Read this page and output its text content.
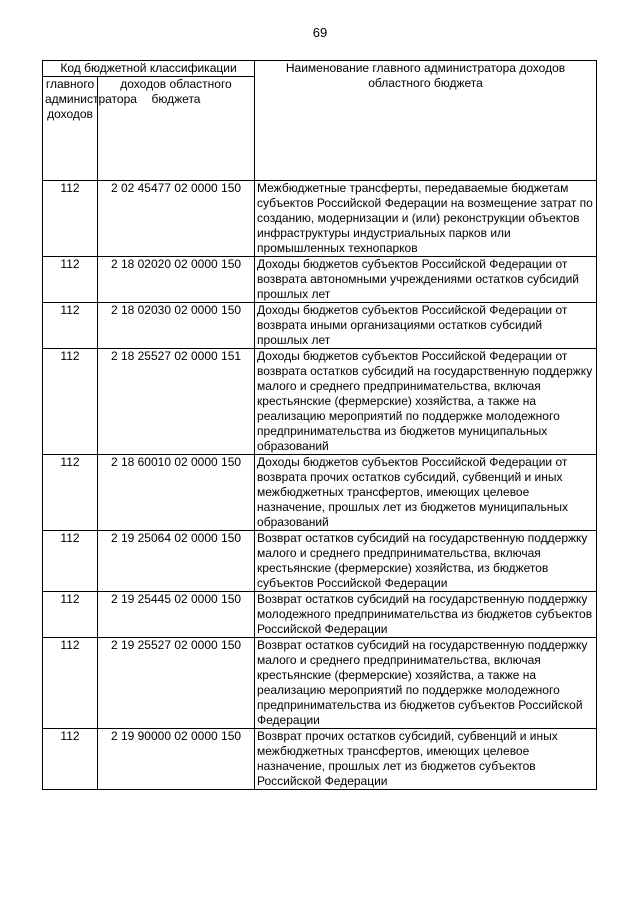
69
Код бюджетной классификации		Наименование главного администратора доходов областного бюджета
главного администратора доходов	доходов областного бюджета	
112	2 02 45477 02 0000 150	Межбюджетные трансферты, передаваемые бюджетам субъектов Российской Федерации на возмещение затрат по созданию, модернизации и (или) реконструкции объектов инфраструктуры индустриальных парков или промышленных технопарков
112	2 18 02020 02 0000 150	Доходы бюджетов субъектов Российской Федерации от возврата автономными учреждениями остатков субсидий прошлых лет
112	2 18 02030 02 0000 150	Доходы бюджетов субъектов Российской Федерации от возврата иными организациями остатков субсидий прошлых лет
112	2 18 25527 02 0000 151	Доходы бюджетов субъектов Российской Федерации от возврата остатков субсидий на государственную поддержку малого и среднего предпринимательства, включая крестьянские (фермерские) хозяйства, а также на реализацию мероприятий по поддержке молодежного предпринимательства из бюджетов муниципальных образований
112	2 18 60010 02 0000 150	Доходы бюджетов субъектов Российской Федерации от возврата прочих остатков субсидий, субвенций и иных межбюджетных трансфертов, имеющих целевое назначение, прошлых лет из бюджетов муниципальных образований
112	2 19 25064 02 0000 150	Возврат остатков субсидий на государственную поддержку малого и среднего предпринимательства, включая крестьянские (фермерские) хозяйства, из бюджетов субъектов Российской Федерации
112	2 19 25445 02 0000 150	Возврат остатков субсидий на государственную поддержку молодежного предпринимательства из бюджетов субъектов Российской Федерации
112	2 19 25527 02 0000 150	Возврат остатков субсидий на государственную поддержку малого и среднего предпринимательства, включая крестьянские (фермерские) хозяйства, а также на реализацию мероприятий по поддержке молодежного предпринимательства из бюджетов субъектов Российской Федерации
112	2 19 90000 02 0000 150	Возврат прочих остатков субсидий, субвенций и иных межбюджетных трансфертов, имеющих целевое назначение, прошлых лет из бюджетов субъектов Российской Федерации
